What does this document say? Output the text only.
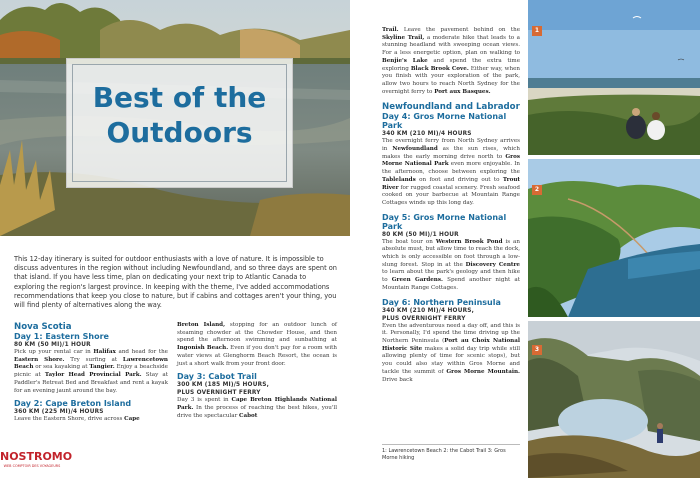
Best of the
Outdoors
This 12-day itinerary is suited for outdoor enthusiasts with a love of nature. It is impossible to discuss adventures in the region without including Newfoundland, and so three days are spent on that island. If you have less time, plan on dedicating your next trip to Atlantic Canada to exploring the region's largest province. In keeping with the theme, I've added accommodations recommendations that keep you close to nature, but if cabins and cottages aren't your thing, you will find plenty of alternatives along the way.
Nova Scotia
Day 1: Eastern Shore
80 KM (50 MI)/1 HOUR
Pick up your rental car in Halifax and head for the Eastern Shore. Try surfing at Lawrencetown Beach or sea kayaking at Tangier. Enjoy a beachside picnic at Taylor Head Provincial Park. Stay at Paddler's Retreat Bed and Breakfast and rent a kayak for an evening jaunt around the bay.
Day 2: Cape Breton Island
360 KM (225 MI)/4 HOURS
Leave the Eastern Shore, drive across Cape
Breton Island, stopping for an outdoor lunch of steaming chowder at the Chowder House, and then spend the afternoon swimming and sunbathing at Ingonish Beach. Even if you don't pay for a room with water views at Glenghorm Beach Resort, the ocean is just a short walk from your front door.
Day 3: Cabot Trail
300 KM (185 MI)/5 HOURS,
PLUS OVERNIGHT FERRY
Day 3 is spent in Cape Breton Highlands National Park. In the process of reaching the best hikes, you'll drive the spectacular Cabot
NOSTROMO
WEB COMPTOIR DES VOYAGEURS
Trail. Leave the pavement behind on the Skyline Trail, a moderate hike that leads to a stunning headland with sweeping ocean views. For a less energetic option, plan on walking to Benjie's Lake and spend the extra time exploring Black Brook Cove. Either way, when you finish with your exploration of the park, allow two hours to reach North Sydney for the overnight ferry to Port aux Basques.
Newfoundland and Labrador
Day 4: Gros Morne National Park
340 KM (210 MI)/4 HOURS
The overnight ferry from North Sydney arrives in Newfoundland as the sun rises, which makes the early morning drive north to Gros Morne National Park even more enjoyable. In the afternoon, choose between exploring the Tablelands on foot and driving out to Trout River for rugged coastal scenery. Fresh seafood cooked on your barbecue at Mountain Range Cottages winds up this long day.
Day 5: Gros Morne National Park
80 KM (50 MI)/1 HOUR
The boat tour on Western Brook Pond is an absolute must, but allow time to reach the dock, which is only accessible on foot through a low-slung forest. Stop in at the Discovery Centre to learn about the park's geology and then hike to Green Gardens. Spend another night at Mountain Range Cottages.
Day 6: Northern Peninsula
340 KM (210 MI)/4 HOURS,
PLUS OVERNIGHT FERRY
Even the adventurous need a day off, and this is it. Personally, I'd spend the time driving up the Northern Peninsula (Port au Choix National Historic Site makes a solid day trip while still allowing plenty of time for scenic stops), but you could also stay within Gros Morne and tackle the summit of Gros Morne Mountain. Drive back
1: Lawrencetown Beach 2: the Cabot Trail 3: Gros Morne hiking
1
2
3
